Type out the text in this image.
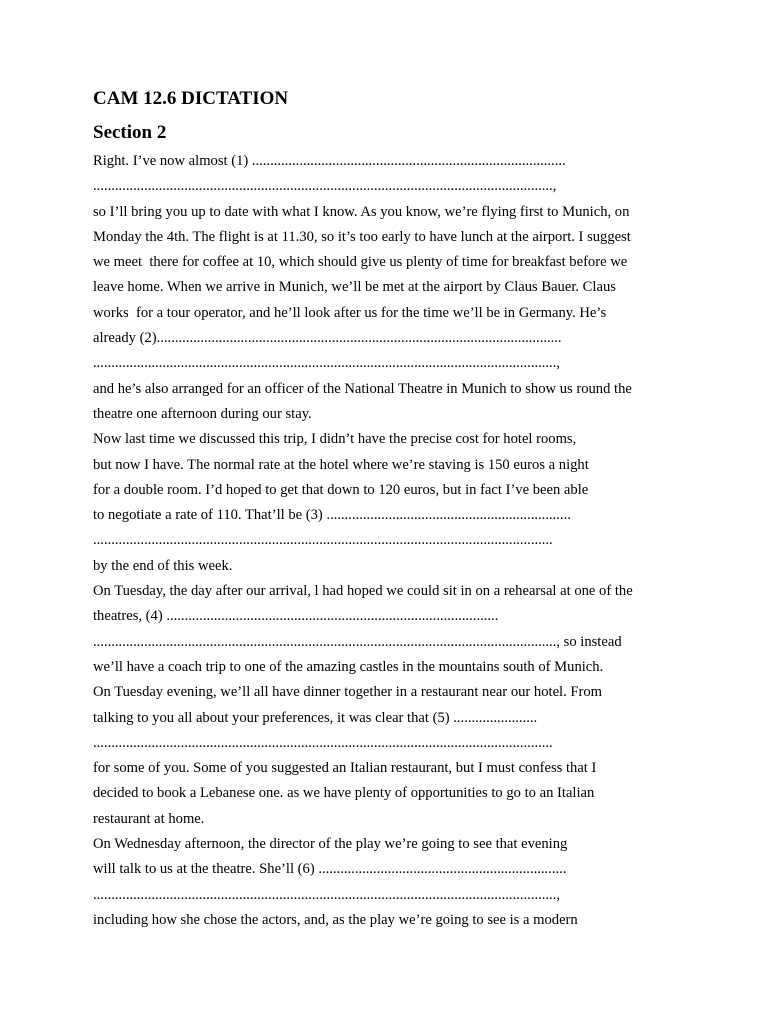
CAM 12.6 DICTATION
Section 2
Right. I’ve now almost (1) ......................................................................................
..............................................................................................................................,
so I’ll bring you up to date with what I know. As you know, we’re flying first to Munich, on
Monday the 4th. The flight is at 11.30, so it’s too early to have lunch at the airport. I suggest
we meet  there for coffee at 10, which should give us plenty of time for breakfast before we
leave home. When we arrive in Munich, we’ll be met at the airport by Claus Bauer. Claus
works  for a tour operator, and he’ll look after us for the time we’ll be in Germany. He’s
already (2)...............................................................................................................
...............................................................................................................................,
and he’s also arranged for an officer of the National Theatre in Munich to show us round the
theatre one afternoon during our stay.
Now last time we discussed this trip, I didn’t have the precise cost for hotel rooms,
but now I have. The normal rate at the hotel where we’re staving is 150 euros a night
for a double room. I’d hoped to get that down to 120 euros, but in fact I’ve been able
to negotiate a rate of 110. That’ll be (3) ...................................................................
..............................................................................................................................
by the end of this week.
On Tuesday, the day after our arrival, l had hoped we could sit in on a rehearsal at one of the
theatres, (4) ...........................................................................................
..............................................................................................................................., so instead
we’ll have a coach trip to one of the amazing castles in the mountains south of Munich.
On Tuesday evening, we’ll all have dinner together in a restaurant near our hotel. From
talking to you all about your preferences, it was clear that (5) .......................
..............................................................................................................................
for some of you. Some of you suggested an Italian restaurant, but I must confess that I
decided to book a Lebanese one. as we have plenty of opportunities to go to an Italian
restaurant at home.
On Wednesday afternoon, the director of the play we’re going to see that evening
will talk to us at the theatre. She’ll (6) ....................................................................
...............................................................................................................................,
including how she chose the actors, and, as the play we’re going to see is a modern
